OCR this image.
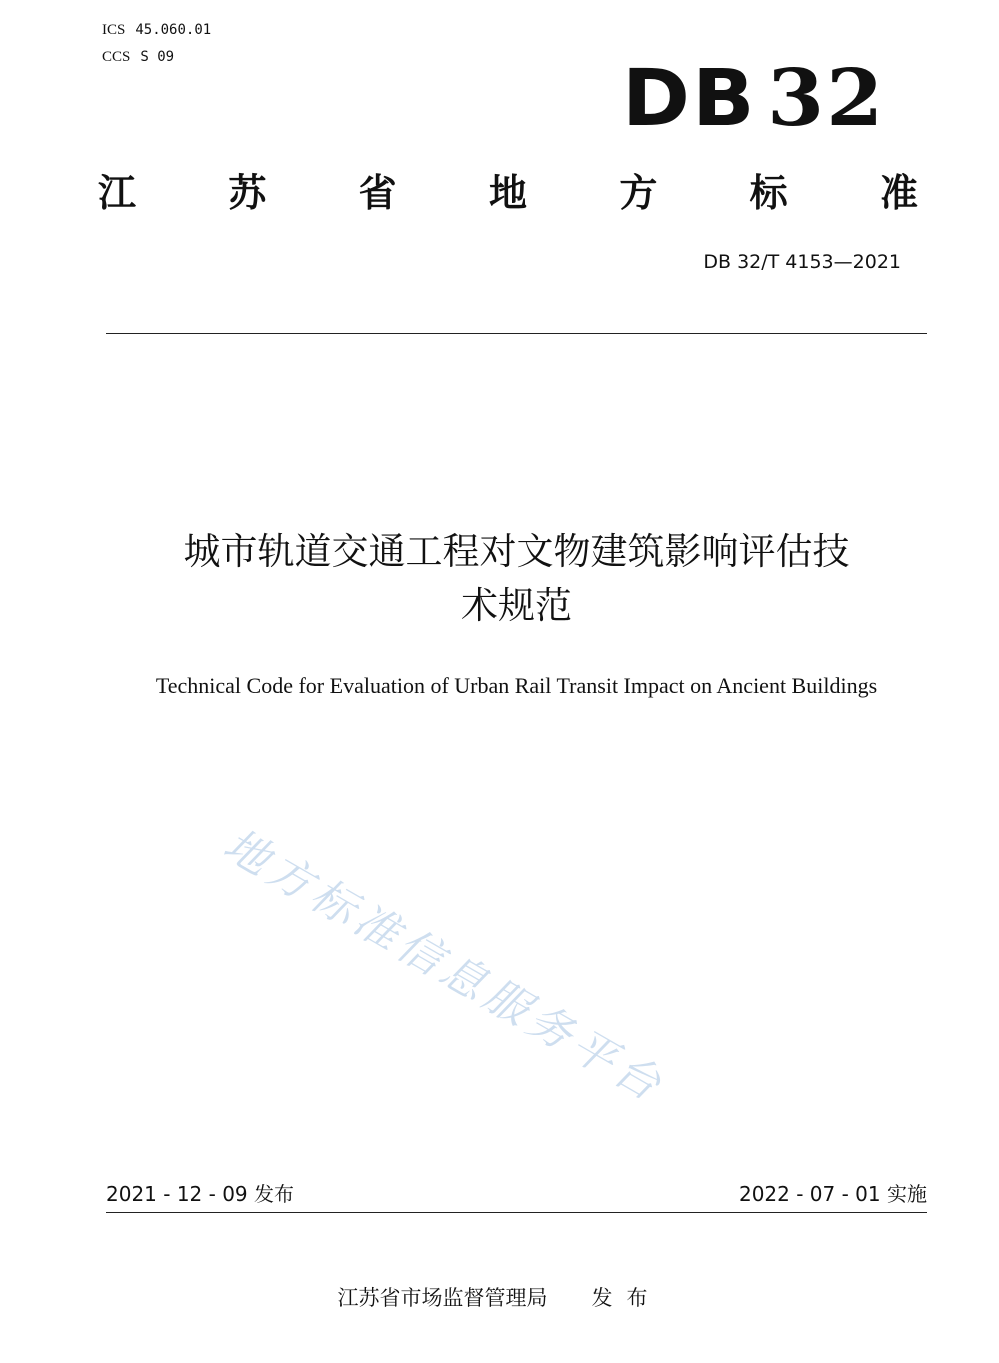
ICS 45.060.01
CCS S 09	DB 32
江 苏 省 地 方 标 准
DB 32/T 4153—2021
城市轨道交通工程对文物建筑影响评估技
术规范
Technical Code for Evaluation of Urban Rail Transit Impact on Ancient Buildings
地方标准信息服务平台
2021 - 12 - 09 发布	2022 - 07 - 01 实施
江苏省市场监督管理局 发布
